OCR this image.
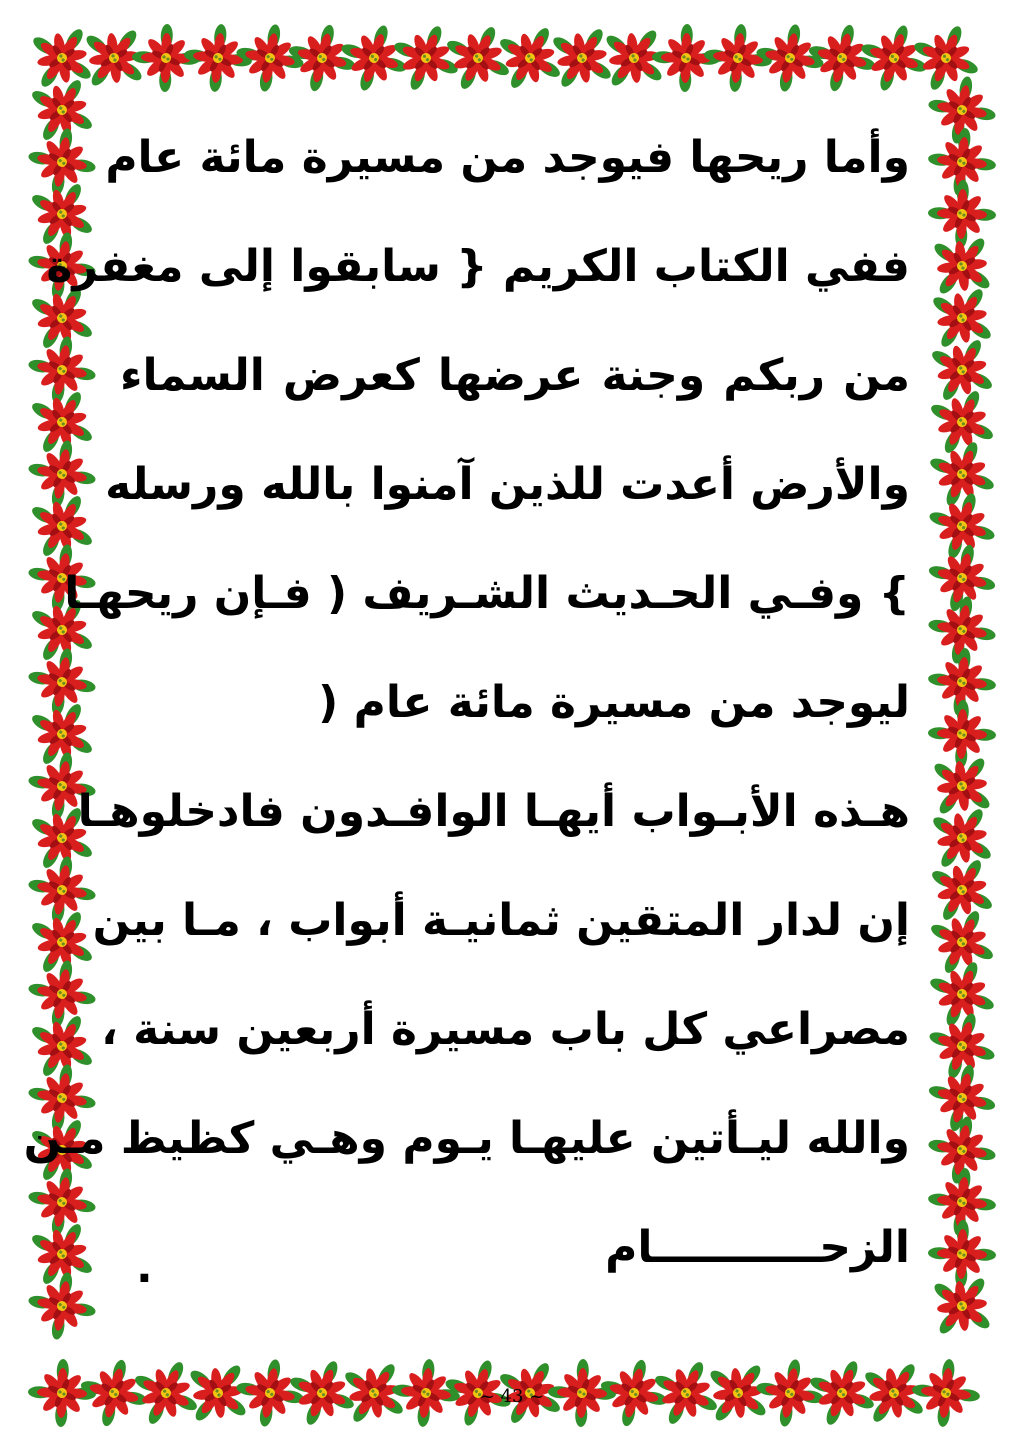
وأما ريحها فيوجد من مسيرة مائة عام
ففي الكتاب الكريم { سابقوا إلى مغفرة
من ربكم وجنة عرضها كعرض السماء
والأرض أعدت للذين آمنوا بالله ورسله
} وفـي الحـديث الشـريف ( فـإن ريحهـا
ليوجد من مسيرة مائة عام (
هـذه الأبـواب أيهـا الوافـدون فادخلوهـا
إن لدار المتقين ثمانيـة أبواب ، مـا بين
مصراعي كل باب مسيرة أربعين سنة ،
والله ليـأتين عليهـا يـوم وهـي كظيظ مـن
الزحـــــــــــام
.
~ 43 ~
